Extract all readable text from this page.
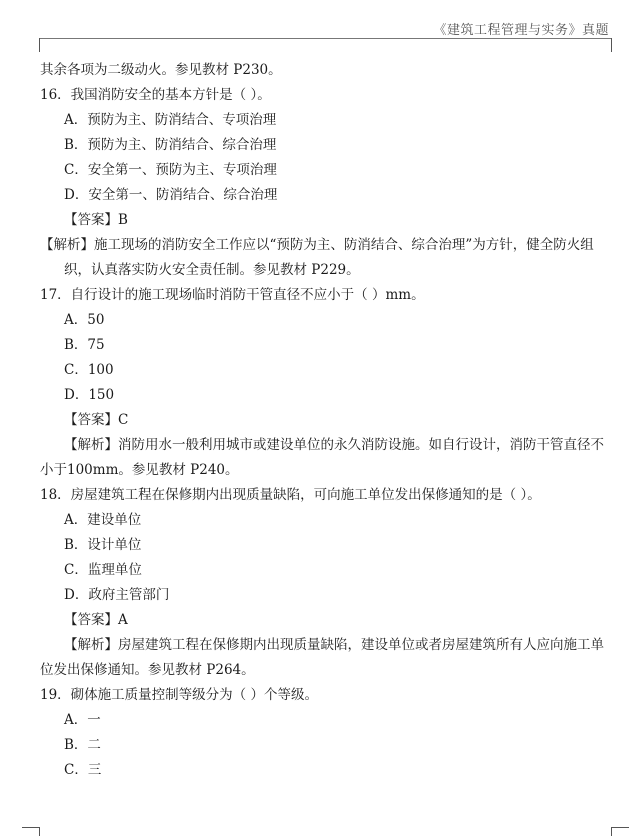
《建筑工程管理与实务》真题
其余各项为二级动火。参见教材 P230。
16．我国消防安全的基本方针是（ ）。
A．预防为主、防消结合、专项治理
B．预防为主、防消结合、综合治理
C．安全第一、预防为主、专项治理
D．安全第一、防消结合、综合治理
【答案】B
【解析】施工现场的消防安全工作应以“预防为主、防消结合、综合治理”为方针，健全防火组织，认真落实防火安全责任制。参见教材 P229。
17．自行设计的施工现场临时消防干管直径不应小于（ ）mm。
A．50
B．75
C．100
D．150
【答案】C
【解析】消防用水一般利用城市或建设单位的永久消防设施。如自行设计，消防干管直径不小于100mm。参见教材 P240。
18．房屋建筑工程在保修期内出现质量缺陷，可向施工单位发出保修通知的是（ ）。
A．建设单位
B．设计单位
C．监理单位
D．政府主管部门
【答案】A
【解析】房屋建筑工程在保修期内出现质量缺陷，建设单位或者房屋建筑所有人应向施工单位发出保修通知。参见教材 P264。
19．砌体施工质量控制等级分为（ ）个等级。
A．一
B．二
C．三
